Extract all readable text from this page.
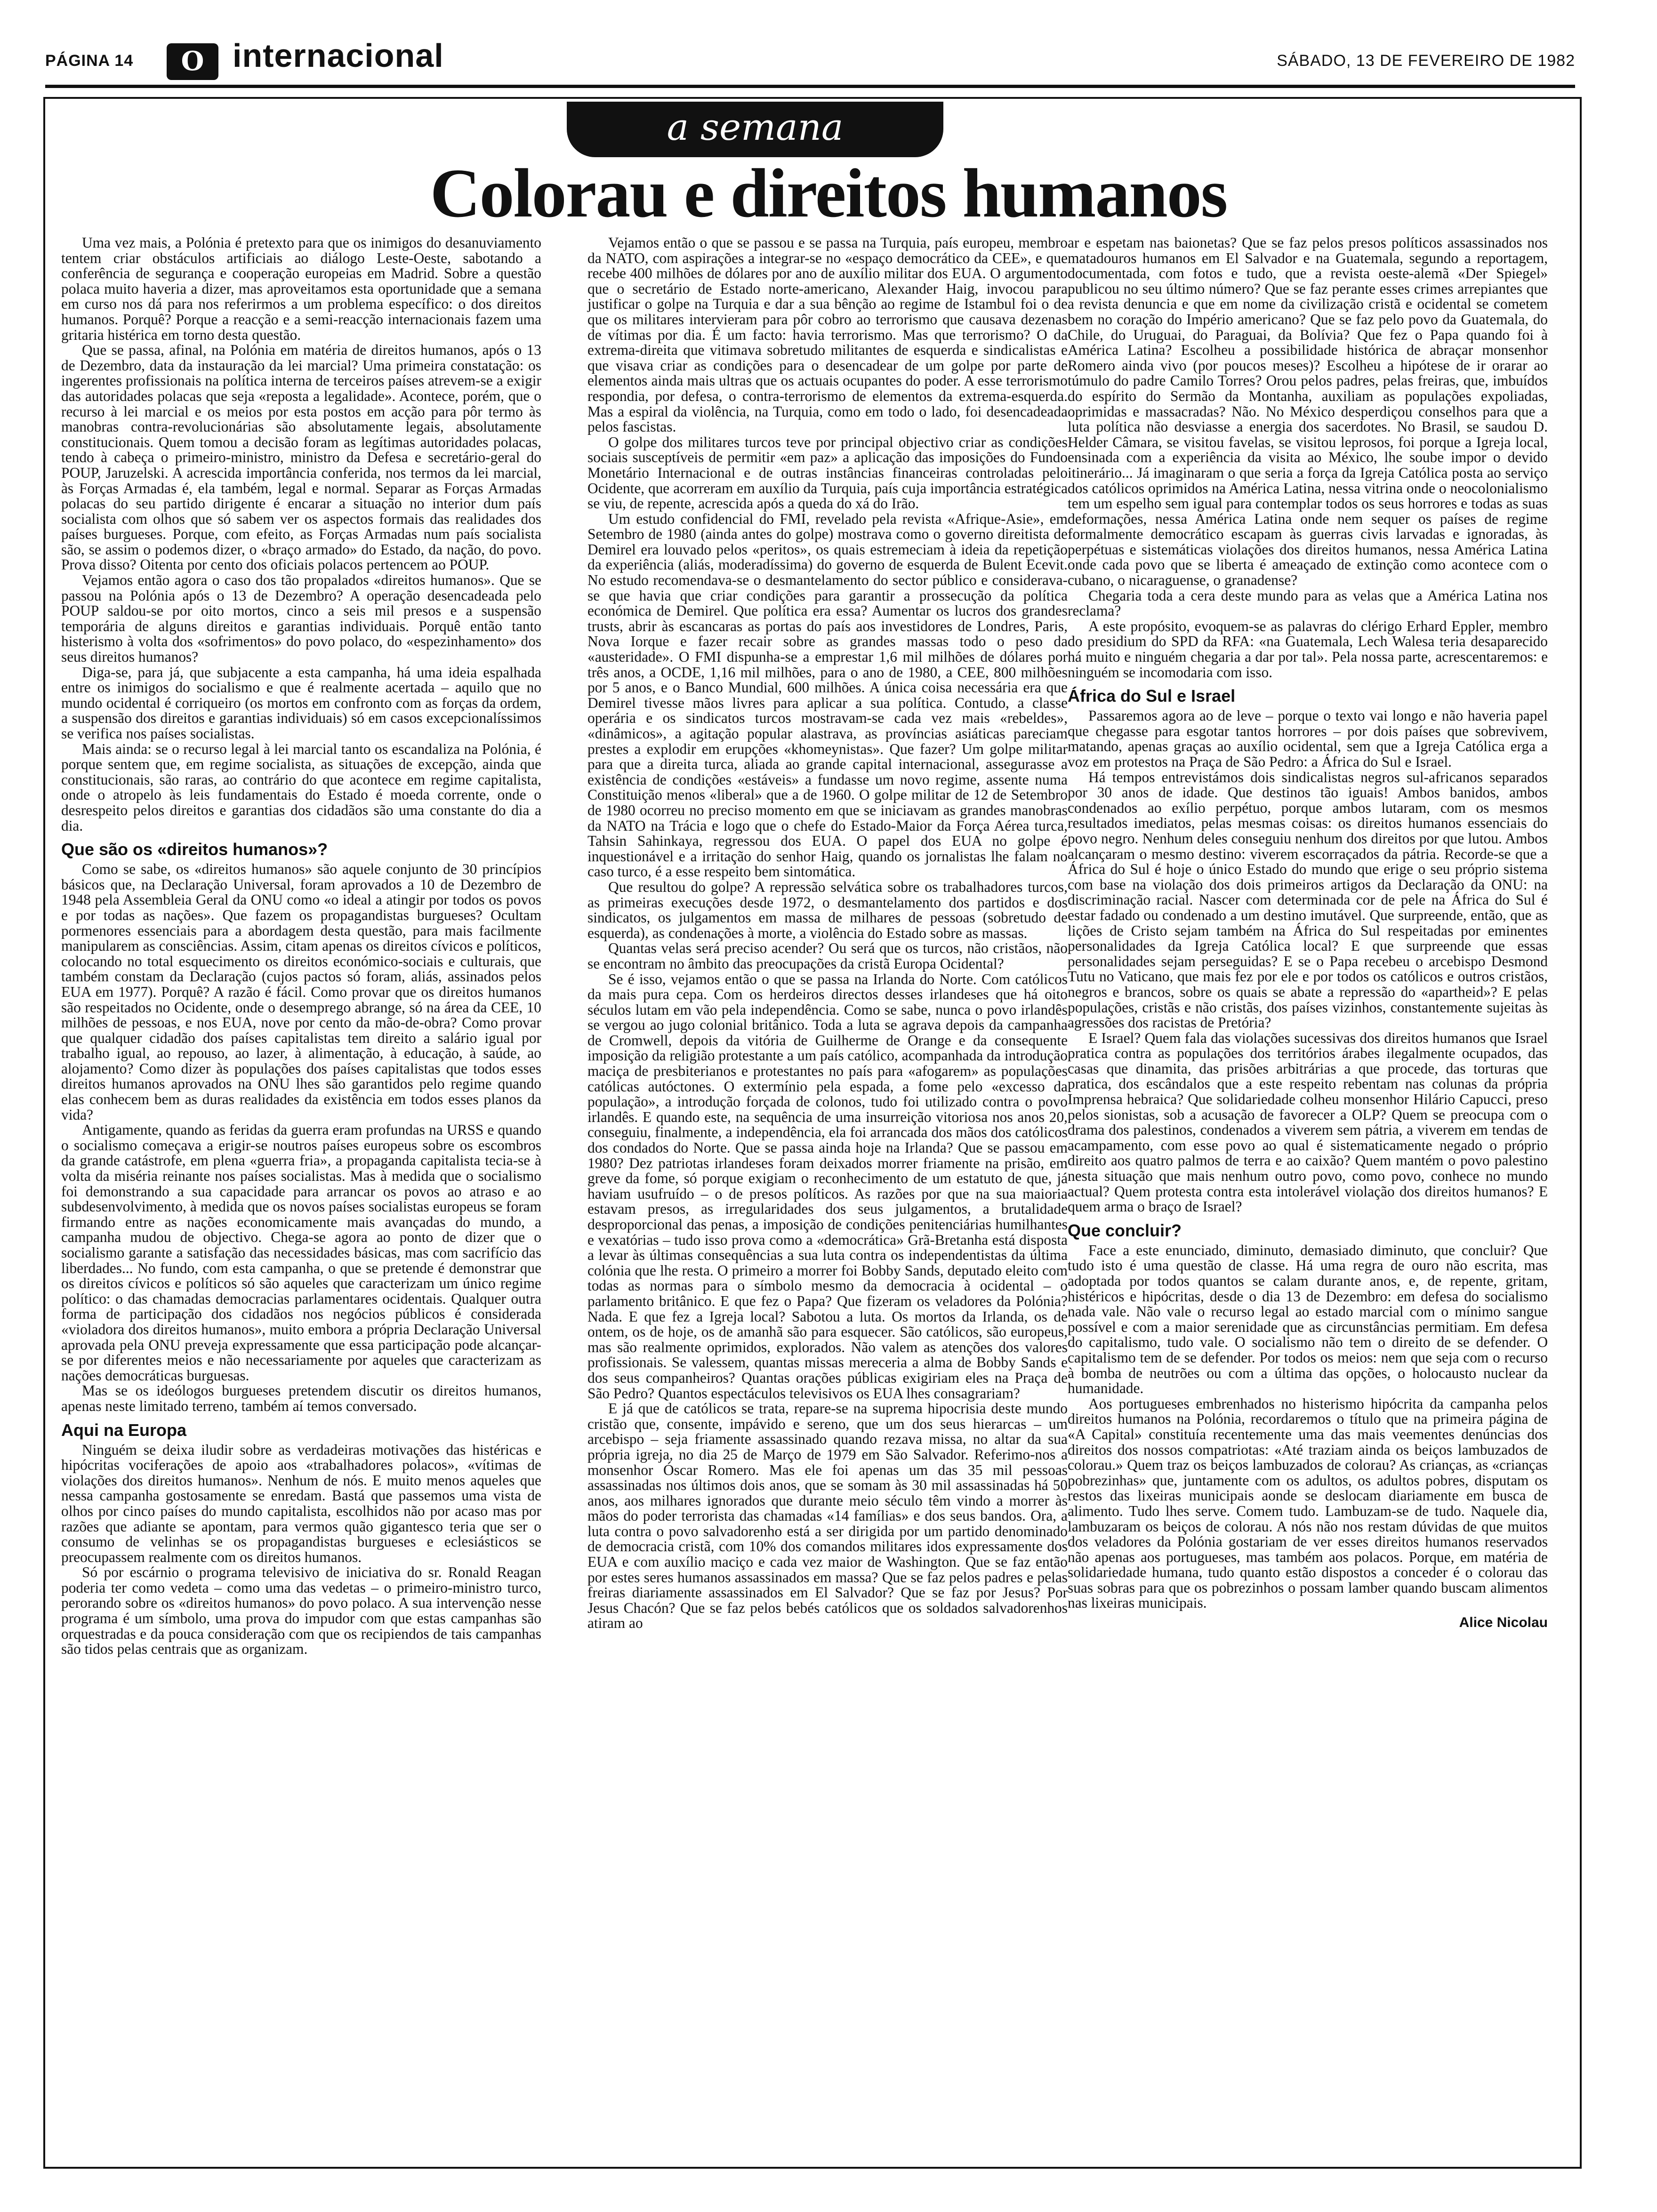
PÁGINA 14	O internacional	SÁBADO, 13 DE FEVEREIRO DE 1982
a semana
Colorau e direitos humanos

Uma vez mais, a Polónia é pretexto para que os inimigos do desanuviamento tentem criar obstáculos artificiais ao diálogo Leste-Oeste, sabotando a conferência de segurança e cooperação europeias em Madrid. Sobre a questão polaca muito haveria a dizer, mas aproveitamos esta oportunidade que a semana em curso nos dá para nos referirmos a um problema específico: o dos direitos humanos. Porquê? Porque a reacção e a semi-reacção internacionais fazem uma gritaria histérica em torno desta questão.

Que se passa, afinal, na Polónia em matéria de direitos humanos, após o 13 de Dezembro, data da instauração da lei marcial? Uma primeira constatação: os ingerentes profissionais na política interna de terceiros países atrevem-se a exigir das autoridades polacas que seja «reposta a legalidade». Acontece, porém, que o recurso à lei marcial e os meios por esta postos em acção para pôr termo às manobras contra-revolucionárias são absolutamente legais, absolutamente constitucionais. Quem tomou a decisão foram as legítimas autoridades polacas, tendo à cabeça o primeiro-ministro, ministro da Defesa e secretário-geral do POUP, Jaruzelski. A acrescida importância conferida, nos termos da lei marcial, às Forças Armadas é, ela também, legal e normal. Separar as Forças Armadas polacas do seu partido dirigente é encarar a situação no interior dum país socialista com olhos que só sabem ver os aspectos formais das realidades dos países burgueses. Porque, com efeito, as Forças Armadas num país socialista são, se assim o podemos dizer, o «braço armado» do Estado, da nação, do povo. Prova disso? Oitenta por cento dos oficiais polacos pertencem ao POUP.

Vejamos então agora o caso dos tão propalados «direitos humanos». Que se passou na Polónia após o 13 de Dezembro? A operação desencadeada pelo POUP saldou-se por oito mortos, cinco a seis mil presos e a suspensão temporária de alguns direitos e garantias individuais. Porquê então tanto histerismo à volta dos «sofrimentos» do povo polaco, do «espezinhamento» dos seus direitos humanos?

Diga-se, para já, que subjacente a esta campanha, há uma ideia espalhada entre os inimigos do socialismo e que é realmente acertada – aquilo que no mundo ocidental é corriqueiro (os mortos em confronto com as forças da ordem, a suspensão dos direitos e garantias individuais) só em casos excepcionalíssimos se verifica nos países socialistas.

Mais ainda: se o recurso legal à lei marcial tanto os escandaliza na Polónia, é porque sentem que, em regime socialista, as situações de excepção, ainda que constitucionais, são raras, ao contrário do que acontece em regime capitalista, onde o atropelo às leis fundamentais do Estado é moeda corrente, onde o desrespeito pelos direitos e garantias dos cidadãos são uma constante do dia a dia.

Que são os «direitos humanos»?

Como se sabe, os «direitos humanos» são aquele conjunto de 30 princípios básicos que, na Declaração Universal, foram aprovados a 10 de Dezembro de 1948 pela Assembleia Geral da ONU como «o ideal a atingir por todos os povos e por todas as nações». Que fazem os propagandistas burgueses? Ocultam pormenores essenciais para a abordagem desta questão, para mais facilmente manipularem as consciências. Assim, citam apenas os direitos cívicos e políticos, colocando no total esquecimento os direitos económico-sociais e culturais, que também constam da Declaração (cujos pactos só foram, aliás, assinados pelos EUA em 1977). Porquê? A razão é fácil. Como provar que os direitos humanos são respeitados no Ocidente, onde o desemprego abrange, só na área da CEE, 10 milhões de pessoas, e nos EUA, nove por cento da mão-de-obra? Como provar que qualquer cidadão dos países capitalistas tem direito a salário igual por trabalho igual, ao repouso, ao lazer, à alimentação, à educação, à saúde, ao alojamento? Como dizer às populações dos países capitalistas que todos esses direitos humanos aprovados na ONU lhes são garantidos pelo regime quando elas conhecem bem as duras realidades da existência em todos esses planos da vida?

Antigamente, quando as feridas da guerra eram profundas na URSS e quando o socialismo começava a erigir-se noutros países europeus sobre os escombros da grande catástrofe, em plena «guerra fria», a propaganda capitalista tecia-se à volta da miséria reinante nos países socialistas. Mas à medida que o socialismo foi demonstrando a sua capacidade para arrancar os povos ao atraso e ao subdesenvolvimento, à medida que os novos países socialistas europeus se foram firmando entre as nações economicamente mais avançadas do mundo, a campanha mudou de objectivo. Chega-se agora ao ponto de dizer que o socialismo garante a satisfação das necessidades básicas, mas com sacrifício das liberdades... No fundo, com esta campanha, o que se pretende é demonstrar que os direitos cívicos e políticos só são aqueles que caracterizam um único regime político: o das chamadas democracias parlamentares ocidentais. Qualquer outra forma de participação dos cidadãos nos negócios públicos é considerada «violadora dos direitos humanos», muito embora a própria Declaração Universal aprovada pela ONU preveja expressamente que essa participação pode alcançar-se por diferentes meios e não necessariamente por aqueles que caracterizam as nações democráticas burguesas.

Mas se os ideólogos burgueses pretendem discutir os direitos humanos, apenas neste limitado terreno, também aí temos conversado.

Aqui na Europa

Ninguém se deixa iludir sobre as verdadeiras motivações das histéricas e hipócritas vociferações de apoio aos «trabalhadores polacos», «vítimas de violações dos direitos humanos». Nenhum de nós. E muito menos aqueles que nessa campanha gostosamente se enredam. Bastá que passemos uma vista de olhos por cinco países do mundo capitalista, escolhidos não por acaso mas por razões que adiante se apontam, para vermos quão gigantesco teria que ser o consumo de velinhas se os propagandistas burgueses e eclesiásticos se preocupassem realmente com os direitos humanos.

Só por escárnio o programa televisivo de iniciativa do sr. Ronald Reagan poderia ter como vedeta – como uma das vedetas – o primeiro-ministro turco, perorando sobre os «direitos humanos» do povo polaco. A sua intervenção nesse programa é um símbolo, uma prova do impudor com que estas campanhas são orquestradas e da pouca consideração com que os recipiendos de tais campanhas são tidos pelas centrais que as organizam.

Vejamos então o que se passou e se passa na Turquia, país europeu, membro da NATO, com aspirações a integrar-se no «espaço democrático da CEE», e que recebe 400 milhões de dólares por ano de auxílio militar dos EUA. O argumento que o secretário de Estado norte-americano, Alexander Haig, invocou para justificar o golpe na Turquia e dar a sua bênção ao regime de Istambul foi o de que os militares intervieram para pôr cobro ao terrorismo que causava dezenas de vítimas por dia. É um facto: havia terrorismo. Mas que terrorismo? O da extrema-direita que vitimava sobretudo militantes de esquerda e sindicalistas e que visava criar as condições para o desencadear de um golpe por parte de elementos ainda mais ultras que os actuais ocupantes do poder. A esse terrorismo respondia, por defesa, o contra-terrorismo de elementos da extrema-esquerda. Mas a espiral da violência, na Turquia, como em todo o lado, foi desencadeada pelos fascistas.

O golpe dos militares turcos teve por principal objectivo criar as condições sociais susceptíveis de permitir «em paz» a aplicação das imposições do Fundo Monetário Internacional e de outras instâncias financeiras controladas pelo Ocidente, que acorreram em auxílio da Turquia, país cuja importância estratégica se viu, de repente, acrescida após a queda do xá do Irão.

Um estudo confidencial do FMI, revelado pela revista «Afrique-Asie», em Setembro de 1980 (ainda antes do golpe) mostrava como o governo direitista de Demirel era louvado pelos «peritos», os quais estremeciam à ideia da repetição da experiência (aliás, moderadíssima) do governo de esquerda de Bulent Ecevit. No estudo recomendava-se o desmantelamento do sector público e considerava-se que havia que criar condições para garantir a prossecução da política económica de Demirel. Que política era essa? Aumentar os lucros dos grandes trusts, abrir às escancaras as portas do país aos investidores de Londres, Paris, Nova Iorque e fazer recair sobre as grandes massas todo o peso da «austeridade». O FMI dispunha-se a emprestar 1,6 mil milhões de dólares por três anos, a OCDE, 1,16 mil milhões, para o ano de 1980, a CEE, 800 milhões por 5 anos, e o Banco Mundial, 600 milhões. A única coisa necessária era que Demirel tivesse mãos livres para aplicar a sua política. Contudo, a classe operária e os sindicatos turcos mostravam-se cada vez mais «rebeldes», «dinâmicos», a agitação popular alastrava, as províncias asiáticas pareciam prestes a explodir em erupções «khomeynistas». Que fazer? Um golpe militar para que a direita turca, aliada ao grande capital internacional, assegurasse a existência de condições «estáveis» a fundasse um novo regime, assente numa Constituição menos «liberal» que a de 1960. O golpe militar de 12 de Setembro de 1980 ocorreu no preciso momento em que se iniciavam as grandes manobras da NATO na Trácia e logo que o chefe do Estado-Maior da Força Aérea turca, Tahsin Sahinkaya, regressou dos EUA. O papel dos EUA no golpe é inquestionável e a irritação do senhor Haig, quando os jornalistas lhe falam no caso turco, é a esse respeito bem sintomática.

Que resultou do golpe? A repressão selvática sobre os trabalhadores turcos, as primeiras execuções desde 1972, o desmantelamento dos partidos e dos sindicatos, os julgamentos em massa de milhares de pessoas (sobretudo de esquerda), as condenações à morte, a violência do Estado sobre as massas.

Quantas velas será preciso acender? Ou será que os turcos, não cristãos, não se encontram no âmbito das preocupações da cristã Europa Ocidental?

Se é isso, vejamos então o que se passa na Irlanda do Norte. Com católicos da mais pura cepa. Com os herdeiros directos desses irlandeses que há oito séculos lutam em vão pela independência. Como se sabe, nunca o povo irlandês se vergou ao jugo colonial britânico. Toda a luta se agrava depois da campanha de Cromwell, depois da vitória de Guilherme de Orange e da consequente imposição da religião protestante a um país católico, acompanhada da introdução maciça de presbiterianos e protestantes no país para «afogarem» as populações católicas autóctones. O extermínio pela espada, a fome pelo «excesso da população», a introdução forçada de colonos, tudo foi utilizado contra o povo irlandês. E quando este, na sequência de uma insurreição vitoriosa nos anos 20, conseguiu, finalmente, a independência, ela foi arrancada dos mãos dos católicos dos condados do Norte. Que se passa ainda hoje na Irlanda? Que se passou em 1980? Dez patriotas irlandeses foram deixados morrer friamente na prisão, em greve da fome, só porque exigiam o reconhecimento de um estatuto de que, já haviam usufruído – o de presos políticos. As razões por que na sua maioria estavam presos, as irregularidades dos seus julgamentos, a brutalidade desproporcional das penas, a imposição de condições penitenciárias humilhantes e vexatórias – tudo isso prova como a «democrática» Grã-Bretanha está disposta a levar às últimas consequências a sua luta contra os independentistas da última colónia que lhe resta. O primeiro a morrer foi Bobby Sands, deputado eleito com todas as normas para o símbolo mesmo da democracia à ocidental – o parlamento britânico. E que fez o Papa? Que fizeram os veladores da Polónia? Nada. E que fez a Igreja local? Sabotou a luta. Os mortos da Irlanda, os de ontem, os de hoje, os de amanhã são para esquecer. São católicos, são europeus, mas são realmente oprimidos, explorados. Não valem as atenções dos valores profissionais. Se valessem, quantas missas mereceria a alma de Bobby Sands e dos seus companheiros? Quantas orações públicas exigiriam eles na Praça de São Pedro? Quantos espectáculos televisivos os EUA lhes consagrariam?

E já que de católicos se trata, repare-se na suprema hipocrisia deste mundo cristão que, consente, impávido e sereno, que um dos seus hierarcas – um arcebispo – seja friamente assassinado quando rezava missa, no altar da sua própria igreja, no dia 25 de Março de 1979 em São Salvador. Referimo-nos a monsenhor Óscar Romero. Mas ele foi apenas um das 35 mil pessoas assassinadas nos últimos dois anos, que se somam às 30 mil assassinadas há 50 anos, aos milhares ignorados que durante meio século têm vindo a morrer às mãos do poder terrorista das chamadas «14 famílias» e dos seus bandos. Ora, a luta contra o povo salvadorenho está a ser dirigida por um partido denominado de democracia cristã, com 10% dos comandos militares idos expressamente dos EUA e com auxílio maciço e cada vez maior de Washington. Que se faz então por estes seres humanos assassinados em massa? Que se faz pelos padres e pelas freiras diariamente assassinados em El Salvador? Que se faz por Jesus? Por Jesus Chacón? Que se faz pelos bebés católicos que os soldados salvadorenhos atiram ao

ar e espetam nas baionetas? Que se faz pelos presos políticos assassinados nos matadouros humanos em El Salvador e na Guatemala, segundo a reportagem, documentada, com fotos e tudo, que a revista oeste-alemã «Der Spiegel» publicou no seu último número? Que se faz perante esses crimes arrepiantes que a revista denuncia e que em nome da civilização cristã e ocidental se cometem bem no coração do Império americano? Que se faz pelo povo da Guatemala, do Chile, do Uruguai, do Paraguai, da Bolívia? Que fez o Papa quando foi à América Latina? Escolheu a possibilidade histórica de abraçar monsenhor Romero ainda vivo (por poucos meses)? Escolheu a hipótese de ir orarar ao túmulo do padre Camilo Torres? Orou pelos padres, pelas freiras, que, imbuídos do espírito do Sermão da Montanha, auxiliam as populações expoliadas, oprimidas e massacradas? Não. No México desperdiçou conselhos para que a luta política não desviasse a energia dos sacerdotes. No Brasil, se saudou D. Helder Câmara, se visitou favelas, se visitou leprosos, foi porque a Igreja local, ensinada com a experiência da visita ao México, lhe soube impor o devido itinerário... Já imaginaram o que seria a força da Igreja Católica posta ao serviço dos católicos oprimidos na América Latina, nessa vitrina onde o neocolonialismo tem um espelho sem igual para contemplar todos os seus horrores e todas as suas deformações, nessa América Latina onde nem sequer os países de regime formalmente democrático escapam às guerras civis larvadas e ignoradas, às perpétuas e sistemáticas violações dos direitos humanos, nessa América Latina onde cada povo que se liberta é ameaçado de extinção como acontece com o cubano, o nicaraguense, o granadense?

Chegaria toda a cera deste mundo para as velas que a América Latina nos reclama?

A este propósito, evoquem-se as palavras do clérigo Erhard Eppler, membro do presidium do SPD da RFA: «na Guatemala, Lech Walesa teria desaparecido há muito e ninguém chegaria a dar por tal». Pela nossa parte, acrescentaremos: e ninguém se incomodaria com isso.

África do Sul e Israel

Passaremos agora ao de leve – porque o texto vai longo e não haveria papel que chegasse para esgotar tantos horrores – por dois países que sobrevivem, matando, apenas graças ao auxílio ocidental, sem que a Igreja Católica erga a voz em protestos na Praça de São Pedro: a África do Sul e Israel.

Há tempos entrevistámos dois sindicalistas negros sul-africanos separados por 30 anos de idade. Que destinos tão iguais! Ambos banidos, ambos condenados ao exílio perpétuo, porque ambos lutaram, com os mesmos resultados imediatos, pelas mesmas coisas: os direitos humanos essenciais do povo negro. Nenhum deles conseguiu nenhum dos direitos por que lutou. Ambos alcançaram o mesmo destino: viverem escorraçados da pátria. Recorde-se que a África do Sul é hoje o único Estado do mundo que erige o seu próprio sistema com base na violação dos dois primeiros artigos da Declaração da ONU: na discriminação racial. Nascer com determinada cor de pele na África do Sul é estar fadado ou condenado a um destino imutável. Que surpreende, então, que as lições de Cristo sejam também na África do Sul respeitadas por eminentes personalidades da Igreja Católica local? E que surpreende que essas personalidades sejam perseguidas? E se o Papa recebeu o arcebispo Desmond Tutu no Vaticano, que mais fez por ele e por todos os católicos e outros cristãos, negros e brancos, sobre os quais se abate a repressão do «apartheid»? E pelas populações, cristãs e não cristãs, dos países vizinhos, constantemente sujeitas às agressões dos racistas de Pretória?

E Israel? Quem fala das violações sucessivas dos direitos humanos que Israel pratica contra as populações dos territórios árabes ilegalmente ocupados, das casas que dinamita, das prisões arbitrárias a que procede, das torturas que pratica, dos escândalos que a este respeito rebentam nas colunas da própria Imprensa hebraica? Que solidariedade colheu monsenhor Hilário Capucci, preso pelos sionistas, sob a acusação de favorecer a OLP? Quem se preocupa com o drama dos palestinos, condenados a viverem sem pátria, a viverem em tendas de acampamento, com esse povo ao qual é sistematicamente negado o próprio direito aos quatro palmos de terra e ao caixão? Quem mantém o povo palestino nesta situação que mais nenhum outro povo, como povo, conhece no mundo actual? Quem protesta contra esta intolerável violação dos direitos humanos? E quem arma o braço de Israel?

Que concluir?

Face a este enunciado, diminuto, demasiado diminuto, que concluir? Que tudo isto é uma questão de classe. Há uma regra de ouro não escrita, mas adoptada por todos quantos se calam durante anos, e, de repente, gritam, histéricos e hipócritas, desde o dia 13 de Dezembro: em defesa do socialismo nada vale. Não vale o recurso legal ao estado marcial com o mínimo sangue possível e com a maior serenidade que as circunstâncias permitiam. Em defesa do capitalismo, tudo vale. O socialismo não tem o direito de se defender. O capitalismo tem de se defender. Por todos os meios: nem que seja com o recurso à bomba de neutrões ou com a última das opções, o holocausto nuclear da humanidade.

Aos portugueses embrenhados no histerismo hipócrita da campanha pelos direitos humanos na Polónia, recordaremos o título que na primeira página de «A Capital» constituía recentemente uma das mais veementes denúncias dos direitos dos nossos compatriotas: «Até traziam ainda os beiços lambuzados de colorau.» Quem traz os beiços lambuzados de colorau? As crianças, as «crianças pobrezinhas» que, juntamente com os adultos, os adultos pobres, disputam os restos das lixeiras municipais aonde se deslocam diariamente em busca de alimento. Tudo lhes serve. Comem tudo. Lambuzam-se de tudo. Naquele dia, lambuzaram os beiços de colorau. A nós não nos restam dúvidas de que muitos dos veladores da Polónia gostariam de ver esses direitos humanos reservados não apenas aos portugueses, mas também aos polacos. Porque, em matéria de solidariedade humana, tudo quanto estão dispostos a conceder é o colorau das suas sobras para que os pobrezinhos o possam lamber quando buscam alimentos nas lixeiras municipais.

Alice Nicolau
